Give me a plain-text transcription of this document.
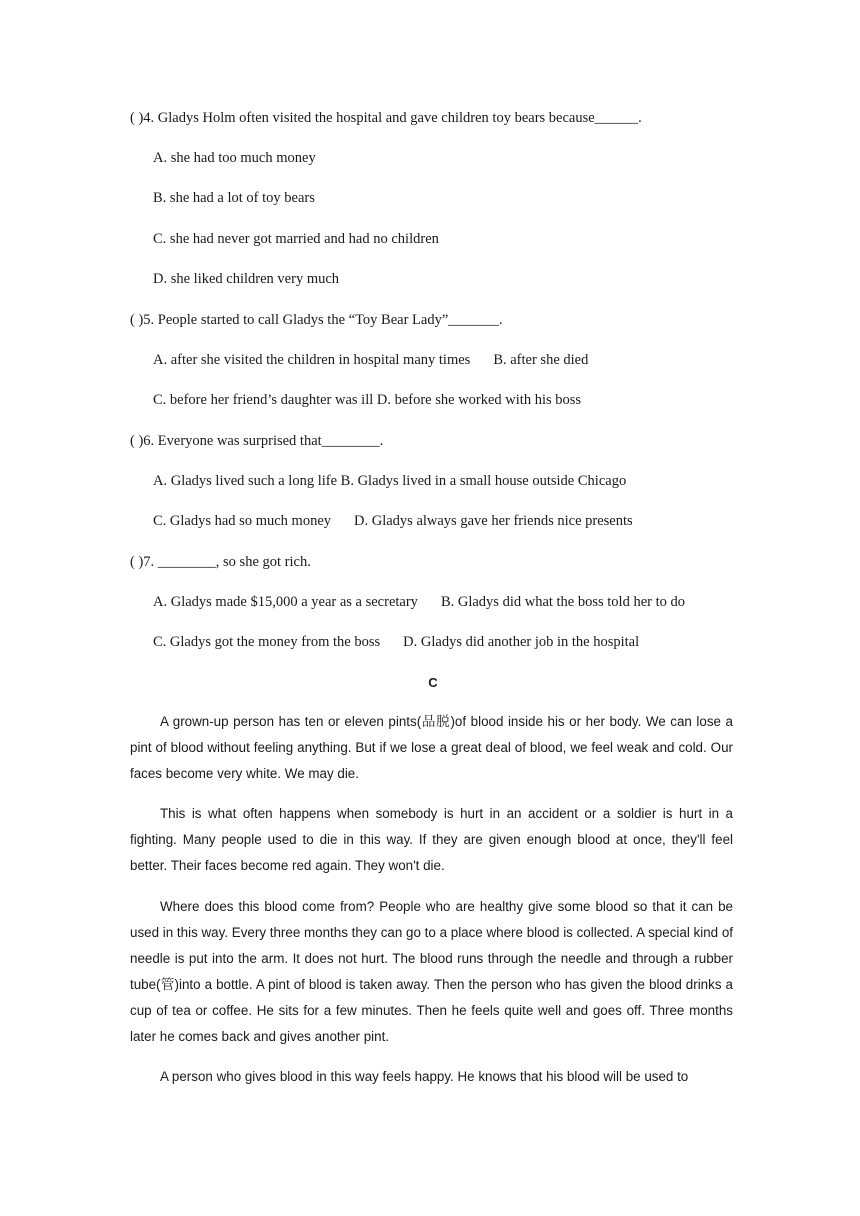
( )4. Gladys Holm often visited the hospital and gave children toy bears because______.
A. she had too much money
B. she had a lot of toy bears
C. she had never got married and had no children
D. she liked children very much
( )5. People started to call Gladys the “Toy Bear Lady”_______.
A. after she visited the children in hospital many times B. after she died
C. before her friend’s daughter was ill D. before she worked with his boss
( )6. Everyone was surprised that________.
A. Gladys lived such a long life B. Gladys lived in a small house outside Chicago
C. Gladys had so much money D. Gladys always gave her friends nice presents
( )7. ________, so she got rich.
A. Gladys made $15,000 a year as a secretary B. Gladys did what the boss told her to do
C. Gladys got the money from the boss D. Gladys did another job in the hospital
C

A grown-up person has ten or eleven pints(品脱)of blood inside his or her body. We can lose a pint of blood without feeling anything. But if we lose a great deal of blood, we feel weak and cold. Our faces become very white. We may die.

This is what often happens when somebody is hurt in an accident or a soldier is hurt in a fighting. Many people used to die in this way. If they are given enough blood at once, they'll feel better. Their faces become red again. They won't die.

Where does this blood come from? People who are healthy give some blood so that it can be used in this way. Every three months they can go to a place where blood is collected. A special kind of needle is put into the arm. It does not hurt. The blood runs through the needle and through a rubber tube(管)into a bottle. A pint of blood is taken away. Then the person who has given the blood drinks a cup of tea or coffee. He sits for a few minutes. Then he feels quite well and goes off. Three months later he comes back and gives another pint.

A person who gives blood in this way feels happy. He knows that his blood will be used to
